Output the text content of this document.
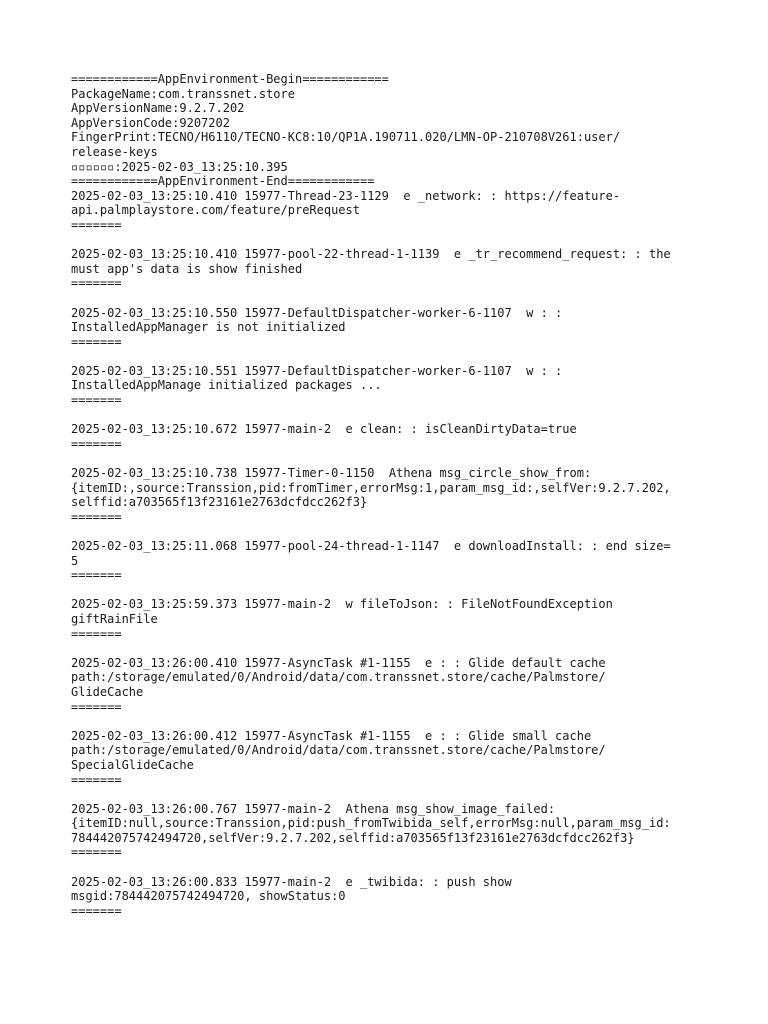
============AppEnvironment-Begin============
PackageName:com.transsnet.store
AppVersionName:9.2.7.202
AppVersionCode:9207202
FingerPrint:TECNO/H6110/TECNO-KC8:10/QP1A.190711.020/LMN-OP-210708V261:user/
release-keys
▫▫▫▫▫▫:2025-02-03_13:25:10.395
============AppEnvironment-End============
2025-02-03_13:25:10.410 15977-Thread-23-1129  e _network: : https://feature-
api.palmplaystore.com/feature/preRequest
=======
2025-02-03_13:25:10.410 15977-pool-22-thread-1-1139  e _tr_recommend_request: : the
must app's data is show finished
=======
2025-02-03_13:25:10.550 15977-DefaultDispatcher-worker-6-1107  w : :
InstalledAppManager is not initialized
=======
2025-02-03_13:25:10.551 15977-DefaultDispatcher-worker-6-1107  w : :
InstalledAppManage initialized packages ...
=======
2025-02-03_13:25:10.672 15977-main-2  e clean: : isCleanDirtyData=true
=======
2025-02-03_13:25:10.738 15977-Timer-0-1150  Athena msg_circle_show_from:
{itemID:,source:Transsion,pid:fromTimer,errorMsg:1,param_msg_id:,selfVer:9.2.7.202,
selffid:a703565f13f23161e2763dcfdcc262f3}
=======
2025-02-03_13:25:11.068 15977-pool-24-thread-1-1147  e downloadInstall: : end size=
5
=======
2025-02-03_13:25:59.373 15977-main-2  w fileToJson: : FileNotFoundException
giftRainFile
=======
2025-02-03_13:26:00.410 15977-AsyncTask #1-1155  e : : Glide default cache
path:/storage/emulated/0/Android/data/com.transsnet.store/cache/Palmstore/
GlideCache
=======
2025-02-03_13:26:00.412 15977-AsyncTask #1-1155  e : : Glide small cache
path:/storage/emulated/0/Android/data/com.transsnet.store/cache/Palmstore/
SpecialGlideCache
=======
2025-02-03_13:26:00.767 15977-main-2  Athena msg_show_image_failed:
{itemID:null,source:Transsion,pid:push_fromTwibida_self,errorMsg:null,param_msg_id:
784442075742494720,selfVer:9.2.7.202,selffid:a703565f13f23161e2763dcfdcc262f3}
=======
2025-02-03_13:26:00.833 15977-main-2  e _twibida: : push show
msgid:784442075742494720, showStatus:0
=======
